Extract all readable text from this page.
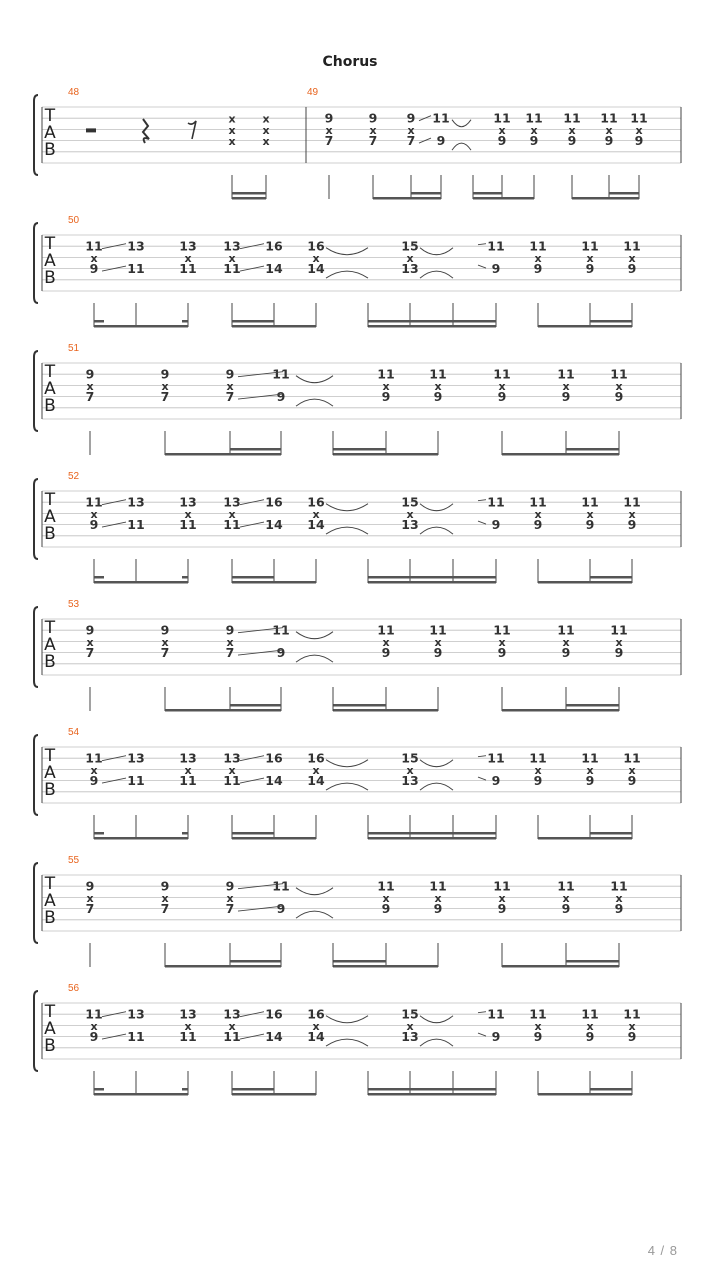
Chorus
T
A
B
48	49
x
x
x
x
x
x
9
x
7
9
x
7
9
x
7
11
9
11
x
9
11
x
9
11
x
9
11
x
9
11
x
9
T
A
B
50
11
x
9
13
11
13
x
11
13
x
11
16
14
16
x
14
15
x
13
11
9
11
x
9
11
x
9
11
x
9
T
A
B
51
9
x
7
9
x
7
9
x
7
11
9
11
x
9
11
x
9
11
x
9
11
x
9
11
x
9
T
A
B
52
11
x
9
13
11
13
x
11
13
x
11
16
14
16
x
14
15
x
13
11
9
11
x
9
11
x
9
11
x
9
T
A
B
53
9
x
7
9
x
7
9
x
7
11
9
11
x
9
11
x
9
11
x
9
11
x
9
11
x
9
T
A
B
54
11
x
9
13
11
13
x
11
13
x
11
16
14
16
x
14
15
x
13
11
9
11
x
9
11
x
9
11
x
9
T
A
B
55
9
x
7
9
x
7
9
x
7
11
9
11
x
9
11
x
9
11
x
9
11
x
9
11
x
9
T
A
B
56
11
x
9
13
11
13
x
11
13
x
11
16
14
16
x
14
15
x
13
11
9
11
x
9
11
x
9
11
x
9
4 / 8
